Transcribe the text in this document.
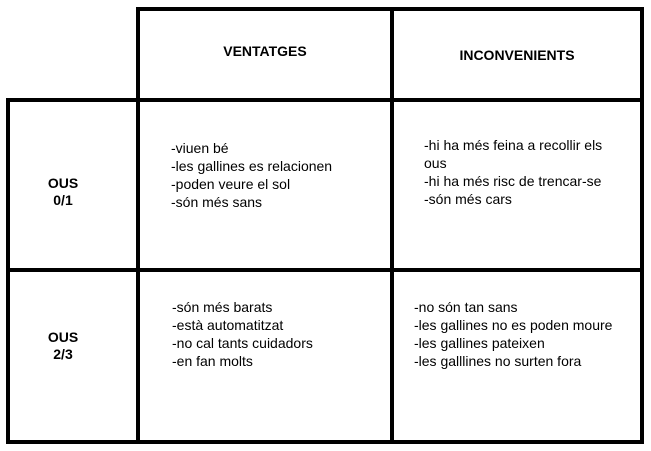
VENTATGES	INCONVENIENTS
OUS
0/1
-viuen bé
-les gallines es relacionen
-poden veure el sol
-són més sans
-hi ha més feina a recollir els ous
-hi ha més risc de trencar-se
-són més cars
OUS
2/3
-són més barats
-està automatitzat
-no cal tants cuidadors
-en fan molts
-no són tan sans
-les gallines no es poden moure
-les gallines pateixen
-les galllines no surten fora
